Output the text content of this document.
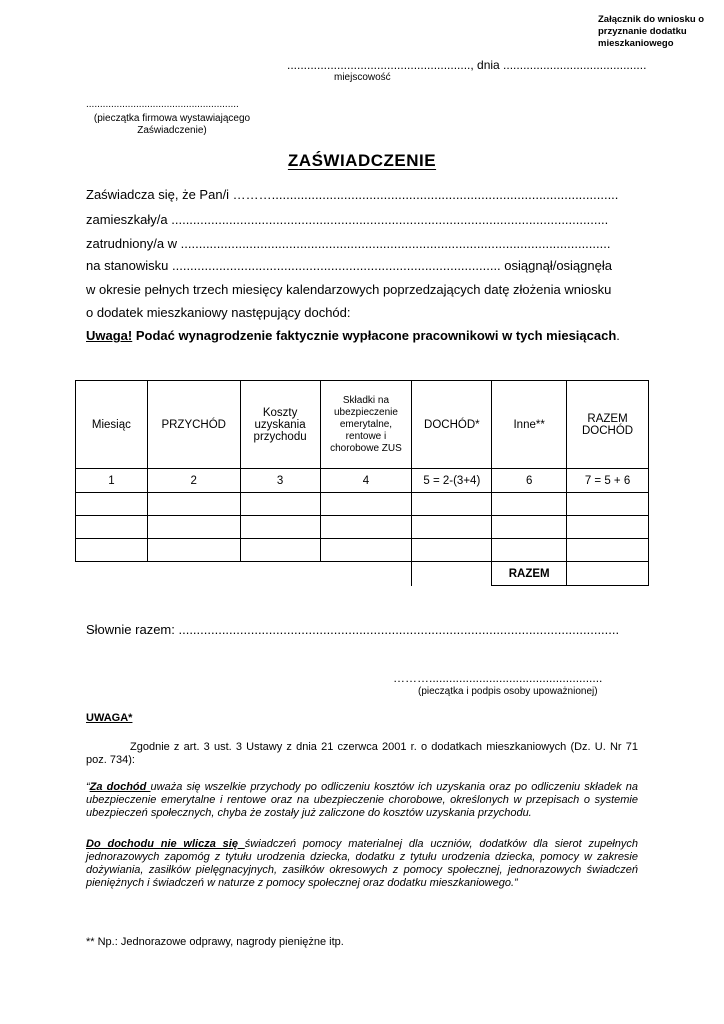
Załącznik do wniosku o przyznanie dodatku mieszkaniowego
......................................................., dnia ...........................................
miejscowość
.......................................................
(pieczątka firmowa wystawiającego Zaświadczenie)
ZAŚWIADCZENIE
Zaświadcza się, że Pan/i ………................................................................................................
zamieszkały/a .........................................................................................................................
zatrudniony/a w .......................................................................................................................
na stanowisku ........................................................................................... osiągnął/osiągnęła
w okresie pełnych trzech miesięcy kalendarzowych poprzedzających datę złożenia wniosku
o dodatek mieszkaniowy następujący dochód:
Uwaga! Podać wynagrodzenie faktycznie wypłacone pracownikowi w tych miesiącach.
Miesiąc	PRZYCHÓD	Koszty uzyskania przychodu	Składki na ubezpieczenie emerytalne, rentowe i chorobowe ZUS	DOCHÓD*	Inne**	RAZEM DOCHÓD
1	2	3	4	5 = 2-(3+4)	6	7 = 5 + 6

					RAZEM	
Słownie razem: ..........................................................................................................................
………....................................................
(pieczątka i podpis osoby upoważnionej)
UWAGA*
Zgodnie z art. 3 ust. 3 Ustawy z dnia 21 czerwca 2001 r. o dodatkach mieszkaniowych (Dz. U. Nr 71 poz. 734):
“Za dochód uważa się wszelkie przychody po odliczeniu kosztów ich uzyskania oraz po odliczeniu składek na ubezpieczenie emerytalne i rentowe oraz na ubezpieczenie chorobowe, określonych w przepisach o systemie ubezpieczeń społecznych, chyba że zostały już zaliczone do kosztów uzyskania przychodu.
Do dochodu nie wlicza się świadczeń pomocy materialnej dla uczniów, dodatków dla sierot zupełnych jednorazowych zapomóg z tytułu urodzenia dziecka, dodatku z tytułu urodzenia dziecka, pomocy w zakresie dożywiania, zasiłków pielęgnacyjnych, zasiłków okresowych z pomocy społecznej, jednorazowych świadczeń pieniężnych i świadczeń w naturze z pomocy społecznej oraz dodatku mieszkaniowego.”
** Np.: Jednorazowe odprawy, nagrody pieniężne itp.
